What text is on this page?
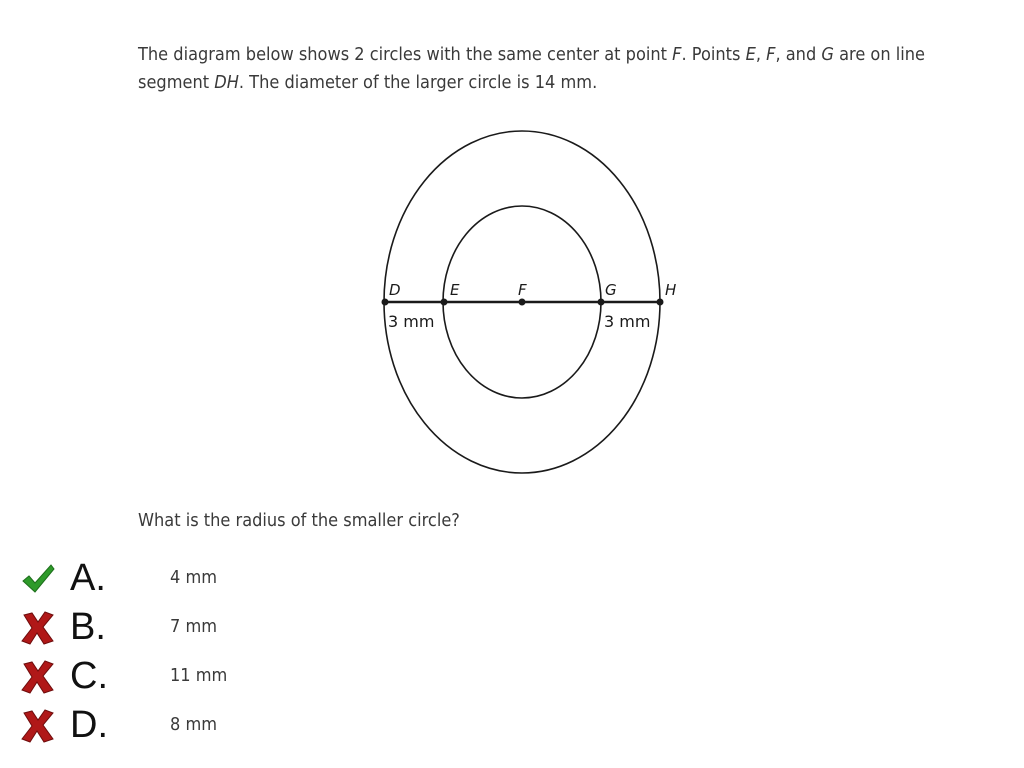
The diagram below shows 2 circles with the same center at point F. Points E, F, and G are on line segment DH. The diameter of the larger circle is 14 mm.

D	E	F	G	H
3 mm	3 mm

What is the radius of the smaller circle?

A.	4 mm
B.	7 mm
C.	11 mm
D.	8 mm
